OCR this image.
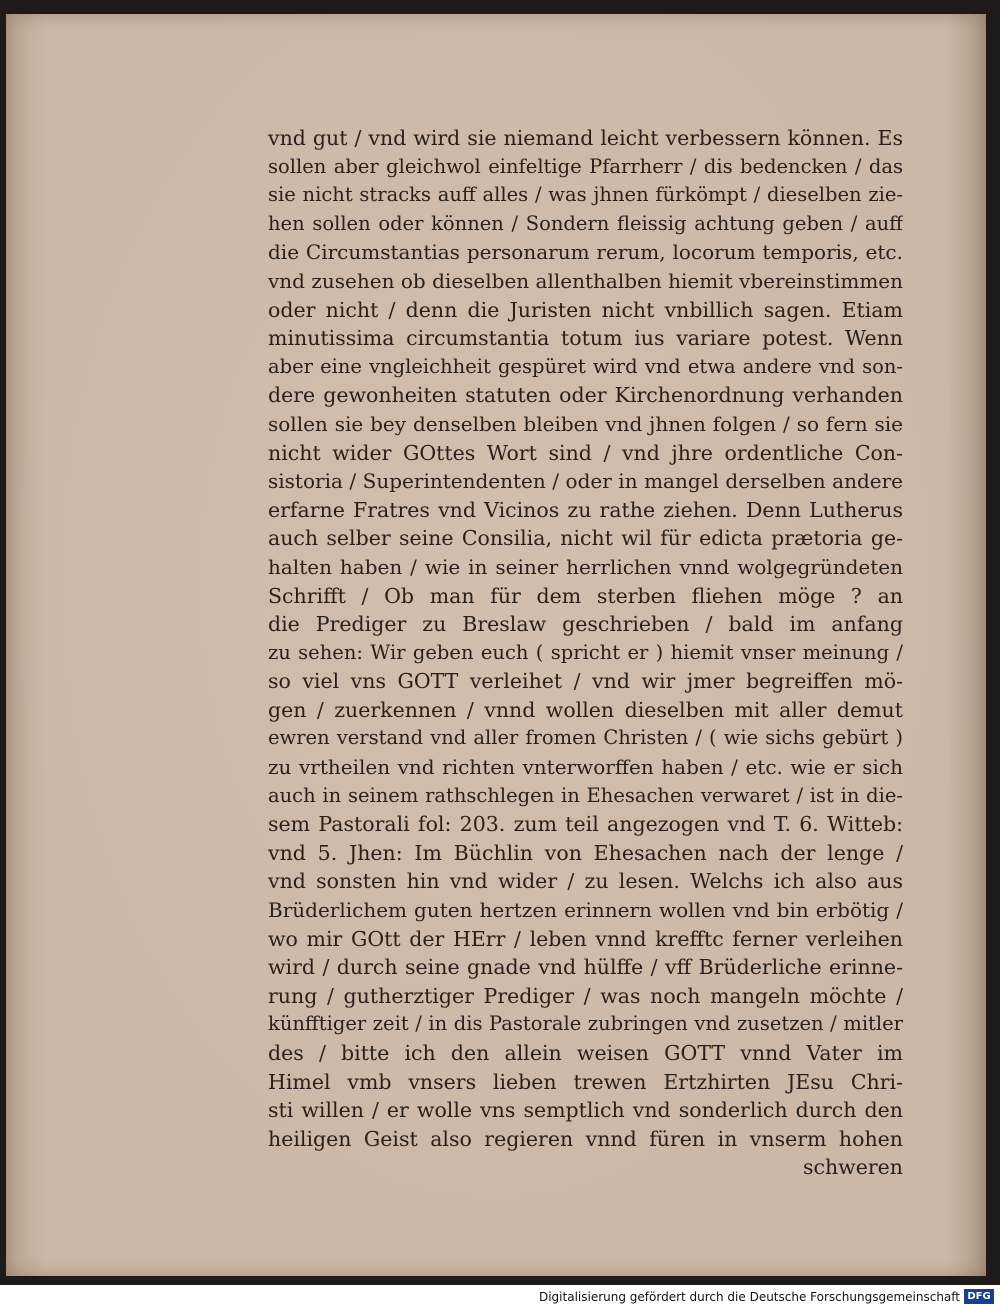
vnd gut / vnd wird sie niemand leicht verbessern können. Es
sollen aber gleichwol einfeltige Pfarrherr / dis bedencken / das
sie nicht stracks auff alles / was jhnen fürkömpt / dieselben zie-
hen sollen oder können / Sondern fleissig achtung geben / auff
die Circumstantias personarum rerum, locorum temporis, etc.
vnd zusehen ob dieselben allenthalben hiemit vbereinstimmen
oder nicht / denn die Juristen nicht vnbillich sagen. Etiam
minutissima circumstantia totum ius variare potest. Wenn
aber eine vngleichheit gespüret wird vnd etwa andere vnd son-
dere gewonheiten statuten oder Kirchenordnung verhanden
sollen sie bey denselben bleiben vnd jhnen folgen / so fern sie
nicht wider GOttes Wort sind / vnd jhre ordentliche Con-
sistoria / Superintendenten / oder in mangel derselben andere
erfarne Fratres vnd Vicinos zu rathe ziehen. Denn Lutherus
auch selber seine Consilia, nicht wil für edicta prætoria ge-
halten haben / wie in seiner herrlichen vnnd wolgegründeten
Schrifft / Ob man für dem sterben fliehen möge ? an
die Prediger zu Breslaw geschrieben / bald im anfang
zu sehen: Wir geben euch ( spricht er ) hiemit vnser meinung /
so viel vns GOTT verleihet / vnd wir jmer begreiffen mö-
gen / zuerkennen / vnnd wollen dieselben mit aller demut
ewren verstand vnd aller fromen Christen / ( wie sichs gebürt )
zu vrtheilen vnd richten vnterworffen haben / etc. wie er sich
auch in seinem rathschlegen in Ehesachen verwaret / ist in die-
sem Pastorali fol: 203. zum teil angezogen vnd T. 6. Witteb:
vnd 5. Jhen: Im Büchlin von Ehesachen nach der lenge /
vnd sonsten hin vnd wider / zu lesen. Welchs ich also aus
Brüderlichem guten hertzen erinnern wollen vnd bin erbötig /
wo mir GOtt der HErr / leben vnnd krefftc ferner verleihen
wird / durch seine gnade vnd hülffe / vff Brüderliche erinne-
rung / gutherztiger Prediger / was noch mangeln möchte /
künfftiger zeit / in dis Pastorale zubringen vnd zusetzen / mitler
des / bitte ich den allein weisen GOTT vnnd Vater im
Himel vmb vnsers lieben trewen Ertzhirten JEsu Chri-
sti willen / er wolle vns semptlich vnd sonderlich durch den
heiligen Geist also regieren vnnd füren in vnserm hohen
schweren
Digitalisierung gefördert durch die Deutsche Forschungsgemeinschaft DFG
